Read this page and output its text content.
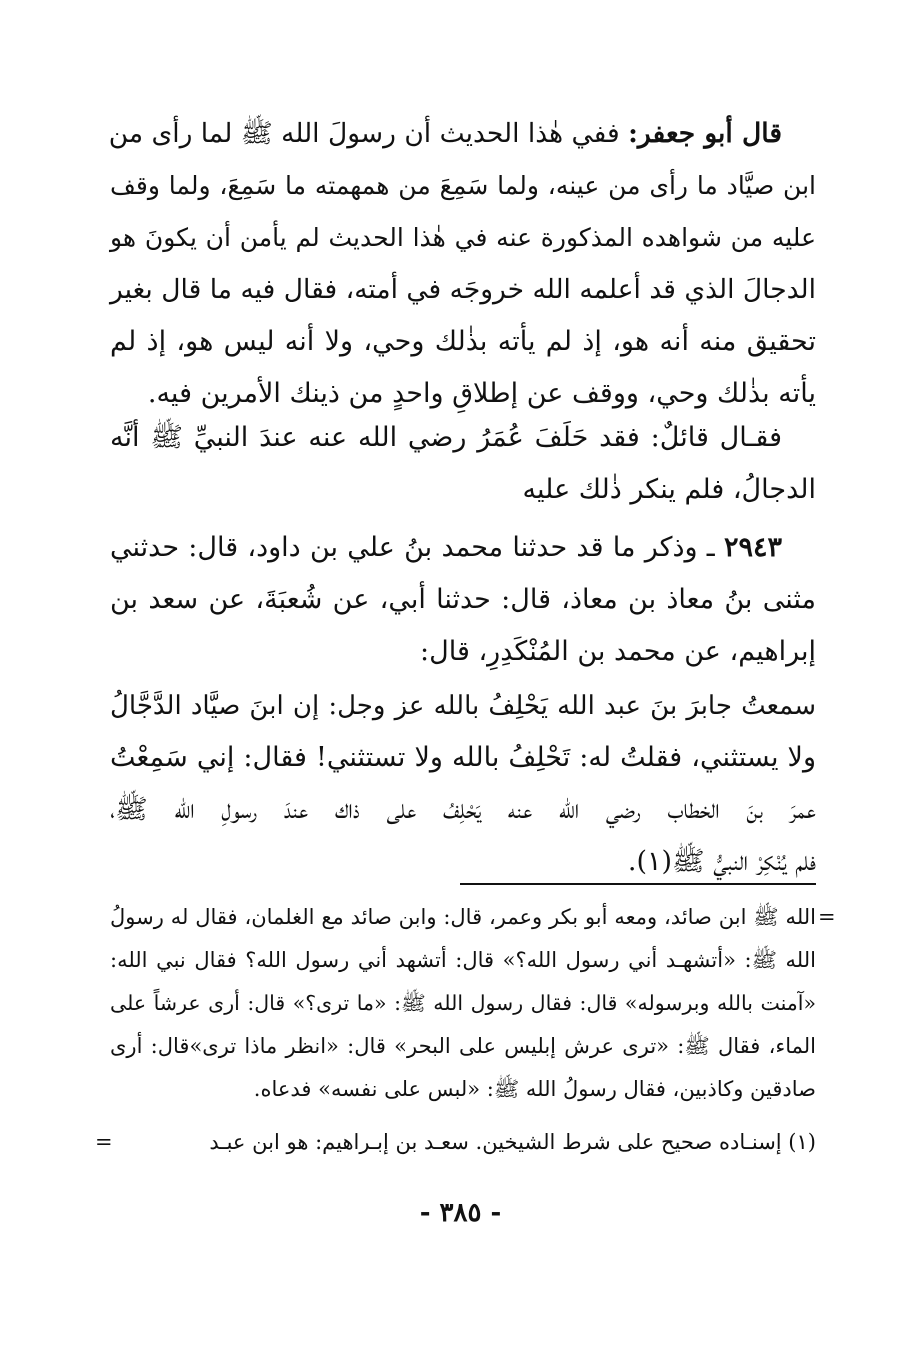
قال أبو جعفر: ففي هٰذا الحديث أن رسولَ الله ﷺ لما رأى من
ابن صيَّاد ما رأى من عينه، ولما سَمِعَ من همهمته ما سَمِعَ، ولما وقف
عليه من شواهده المذكورة عنه في هٰذا الحديث لم يأمن أن يكونَ هو
الدجالَ الذي قد أعلمه الله خروجَه في أمته، فقال فيه ما قال بغير
تحقيق منه أنه هو، إذ لم يأته بذٰلك وحي، ولا أنه ليس هو، إذ لم
يأته بذٰلك وحي، ووقف عن إطلاقِ واحدٍ من ذينك الأمرين فيه.
فقـال قائلٌ: فقد حَلَفَ عُمَرُ رضي الله عنه عندَ النبيِّ ﷺ أنَّه
الدجالُ، فلم ينكر ذٰلك عليه
٢٩٤٣ ـ وذكر ما قد حدثنا محمد بنُ علي بن داود، قال: حدثني
مثنى بنُ معاذ بن معاذ، قال: حدثنا أبي، عن شُعبَةَ، عن سعد بن
إبراهيم، عن محمد بن المُنْكَدِرِ، قال:
سمعتُ جابرَ بنَ عبد الله يَحْلِفُ بالله عز وجل: إن ابنَ صيَّاد الدَّجَّالُ
ولا يستثني، فقلتُ له: تَحْلِفُ بالله ولا تستثني! فقال: إني سَمِعْتُ
عمرَ بنَ الخطاب رضي الله عنه يَحْلِفُ على ذاك عندَ رسولِ الله ﷺ،
فلم يُنْكِرْ النبيُّ ﷺ(١).
=
الله ﷺ ابن صائد، ومعه أبو بكر وعمر، قال: وابن صائد مع الغلمان، فقال له رسولُ
الله ﷺ: «أتشهـد أني رسول الله؟» قال: أتشهد أني رسول الله؟ فقال نبي الله:
«آمنت بالله وبرسوله» قال: فقال رسول الله ﷺ: «ما ترى؟» قال: أرى عرشاً على
الماء، فقال ﷺ: «ترى عرش إبليس على البحر» قال: «انظر ماذا ترى»قال: أرى
صادقين وكاذبين، فقال رسولُ الله ﷺ: «لبس على نفسه» فدعاه.
(١) إسنـاده صحيح على شرط الشيخين. سعـد بن إبـراهيم: هو ابن عبـد
=
- ٣٨٥ -
